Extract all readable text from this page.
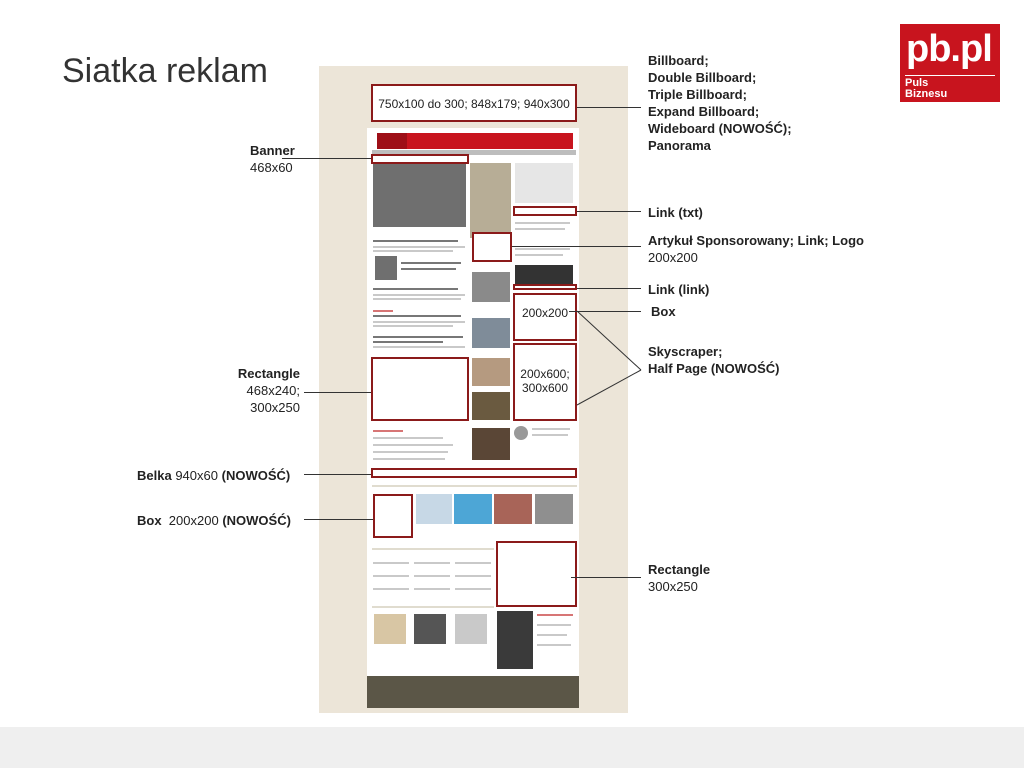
Siatka reklam
pb.pl
Puls
Biznesu
750x100 do 300; 848x179; 940x300
200x200
200x600;
300x600
Banner
468x60
Rectangle
468x240;
300x250
Belka 940x60 (NOWOŚĆ)
Box 200x200 (NOWOŚĆ)
Billboard;
Double Billboard;
Triple Billboard;
Expand Billboard;
Wideboard (NOWOŚĆ);
Panorama
Link (txt)
Artykuł Sponsorowany; Link; Logo
200x200
Link (link)
Box
Skyscraper;
Half Page (NOWOŚĆ)
Rectangle
300x250
